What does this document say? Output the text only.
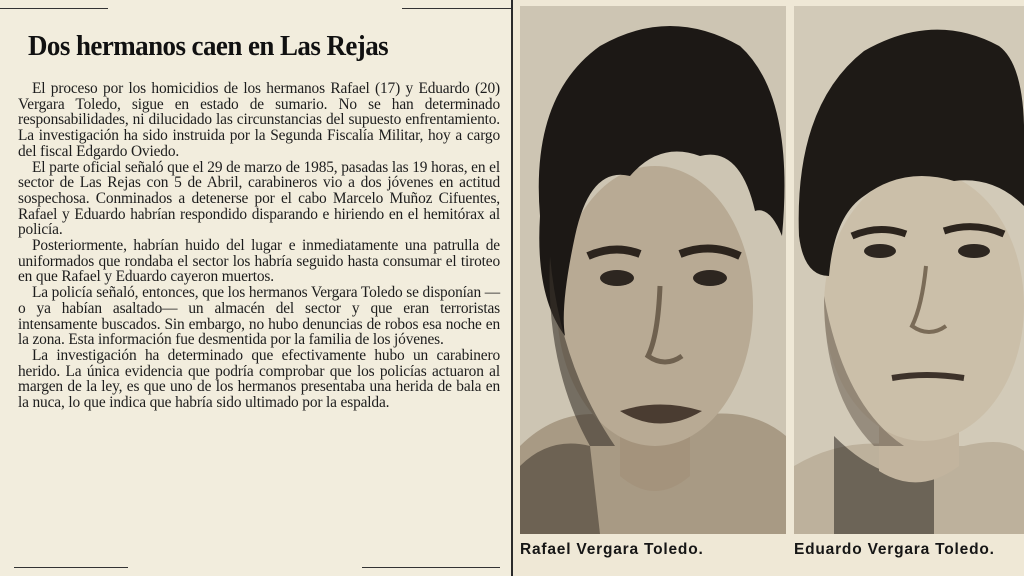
Dos hermanos caen en Las Rejas

El proceso por los homicidios de los hermanos Rafael (17) y Eduardo (20) Vergara Toledo, sigue en estado de sumario. No se han determinado responsabilidades, ni dilucidado las circunstancias del supuesto enfrentamiento. La investigación ha sido instruida por la Segunda Fiscalía Militar, hoy a cargo del fiscal Edgardo Oviedo.

El parte oficial señaló que el 29 de marzo de 1985, pasadas las 19 horas, en el sector de Las Rejas con 5 de Abril, carabineros vio a dos jóvenes en actitud sospechosa. Conminados a detenerse por el cabo Marcelo Muñoz Cifuentes, Rafael y Eduardo habrían respondido disparando e hiriendo en el hemitórax al policía.

Posteriormente, habrían huido del lugar e inmediatamente una patrulla de uniformados que rondaba el sector los habría seguido hasta consumar el tiroteo en que Rafael y Eduardo cayeron muertos.

La policía señaló, entonces, que los hermanos Vergara Toledo se disponían —o ya habían asaltado— un almacén del sector y que eran terroristas intensamente buscados. Sin embargo, no hubo denuncias de robos esa noche en la zona. Esta información fue desmentida por la familia de los jóvenes.

La investigación ha determinado que efectivamente hubo un carabinero herido. La única evidencia que podría comprobar que los policías actuaron al margen de la ley, es que uno de los hermanos presentaba una herida de bala en la nuca, lo que indica que habría sido ultimado por la espalda.

Rafael Vergara Toledo.	Eduardo Vergara Toledo.
